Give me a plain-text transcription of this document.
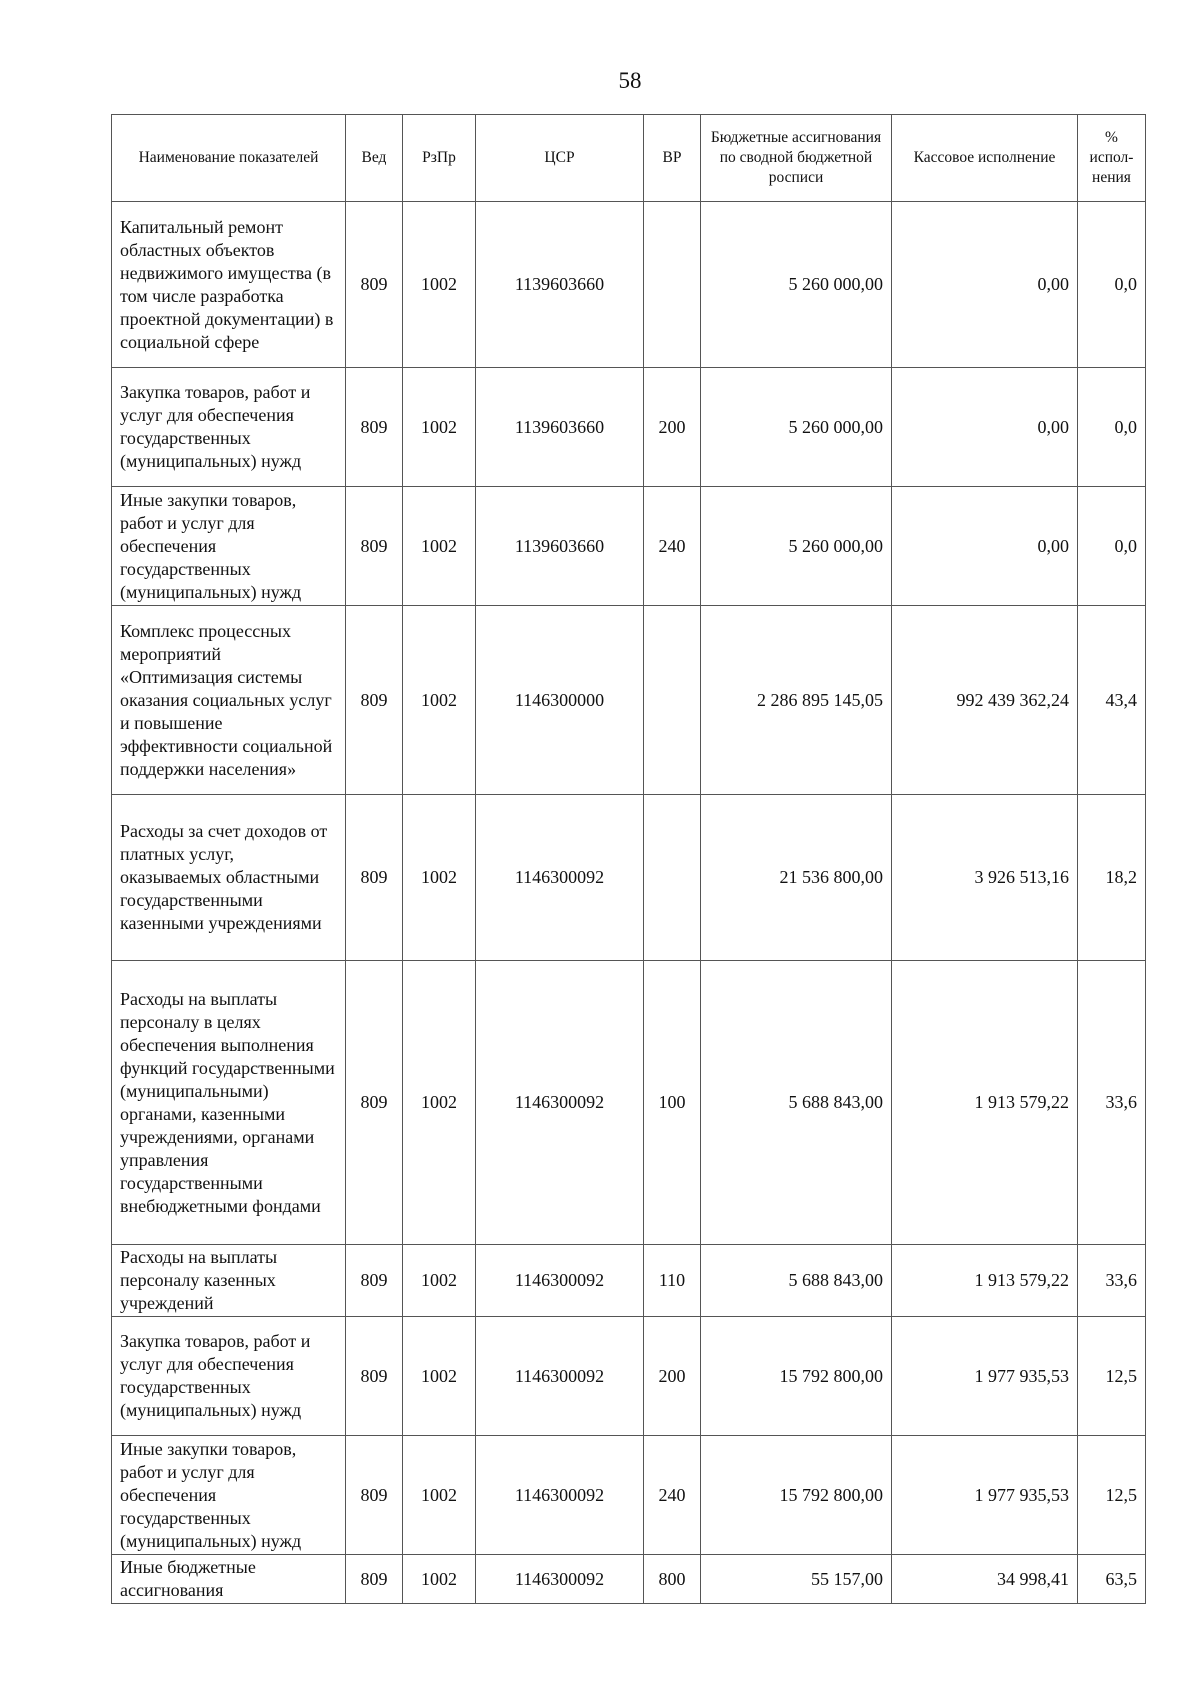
58
Наименование показателей	Вед	РзПр	ЦСР	ВР	Бюджетные ассигнования по сводной бюджетной росписи	Кассовое исполнение	% испол-нения
Капитальный ремонт областных объектов недвижимого имущества (в том числе разработка проектной документации) в социальной сфере	809	1002	1139603660		5 260 000,00	0,00	0,0
Закупка товаров, работ и услуг для обеспечения государственных (муниципальных) нужд	809	1002	1139603660	200	5 260 000,00	0,00	0,0
Иные закупки товаров, работ и услуг для обеспечения государственных (муниципальных) нужд	809	1002	1139603660	240	5 260 000,00	0,00	0,0
Комплекс процессных мероприятий «Оптимизация системы оказания социальных услуг и повышение эффективности социальной поддержки населения»	809	1002	1146300000		2 286 895 145,05	992 439 362,24	43,4
Расходы за счет доходов от платных услуг, оказываемых областными государственными казенными учреждениями	809	1002	1146300092		21 536 800,00	3 926 513,16	18,2
Расходы на выплаты персоналу в целях обеспечения выполнения функций государственными (муниципальными) органами, казенными учреждениями, органами управления государственными внебюджетными фондами	809	1002	1146300092	100	5 688 843,00	1 913 579,22	33,6
Расходы на выплаты персоналу казенных учреждений	809	1002	1146300092	110	5 688 843,00	1 913 579,22	33,6
Закупка товаров, работ и услуг для обеспечения государственных (муниципальных) нужд	809	1002	1146300092	200	15 792 800,00	1 977 935,53	12,5
Иные закупки товаров, работ и услуг для обеспечения государственных (муниципальных) нужд	809	1002	1146300092	240	15 792 800,00	1 977 935,53	12,5
Иные бюджетные ассигнования	809	1002	1146300092	800	55 157,00	34 998,41	63,5
